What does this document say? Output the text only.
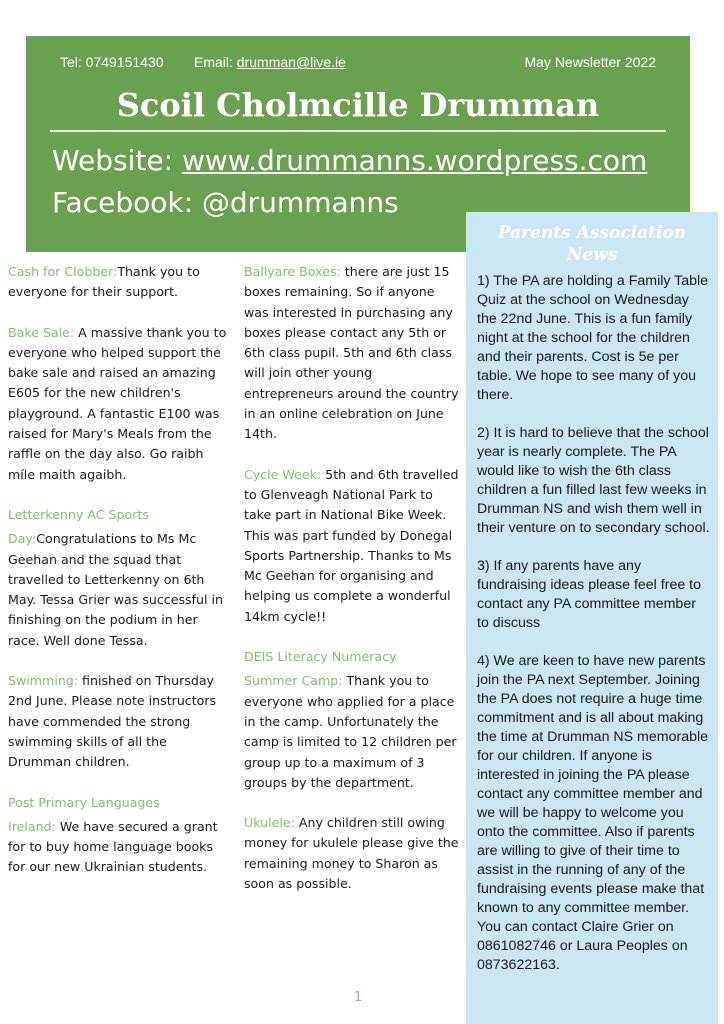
Tel: 0749151430 Email: drumman@live.ie	May Newsletter 2022
Scoil Cholmcille Drumman
Website: www.drummanns.wordpress.com
Facebook: @drummanns
Parents Association News
1) The PA are holding a Family Table Quiz at the school on Wednesday the 22nd June. This is a fun family night at the school for the children and their parents. Cost is 5e per table. We hope to see many of you there.
2) It is hard to believe that the school year is nearly complete. The PA would like to wish the 6th class children a fun filled last few weeks in Drumman NS and wish them well in their venture on to secondary school.
3) If any parents have any fundraising ideas please feel free to contact any PA committee member to discuss
4) We are keen to have new parents join the PA next September. Joining the PA does not require a huge time commitment and is all about making the time at Drumman NS memorable for our children. If anyone is interested in joining the PA please contact any committee member and we will be happy to welcome you onto the committee. Also if parents are willing to give of their time to assist in the running of any of the fundraising events please make that known to any committee member. You can contact Claire Grier on 0861082746 or Laura Peoples on 0873622163.
Cash for Clobber:Thank you to everyone for their support.
Bake Sale: A massive thank you to everyone who helped support the bake sale and raised an amazing E605 for the new children's playground. A fantastic E100 was raised for Mary's Meals from the raffle on the day also. Go raibh míle maith agaibh.
Letterkenny AC Sports
Day:Congratulations to Ms Mc Geehan and the squad that travelled to Letterkenny on 6th May. Tessa Grier was successful in finishing on the podium in her race. Well done Tessa.
Swimming: finished on Thursday 2nd June. Please note instructors have commended the strong swimming skills of all the Drumman children.
Post Primary Languages
Ireland: We have secured a grant for to buy home language books for our new Ukrainian students.
Ballyare Boxes: there are just 15 boxes remaining. So if anyone was interested in purchasing any boxes please contact any 5th or 6th class pupil. 5th and 6th class will join other young entrepreneurs around the country in an online celebration on June 14th.
Cycle Week: 5th and 6th travelled to Glenveagh National Park to take part in National Bike Week. This was part funded by Donegal Sports Partnership. Thanks to Ms Mc Geehan for organising and helping us complete a wonderful 14km cycle!!
DEIS Literacy Numeracy
Summer Camp: Thank you to everyone who applied for a place in the camp. Unfortunately the camp is limited to 12 children per group up to a maximum of 3 groups by the department.
Ukulele: Any children still owing money for ukulele please give the remaining money to Sharon as soon as possible.
1
